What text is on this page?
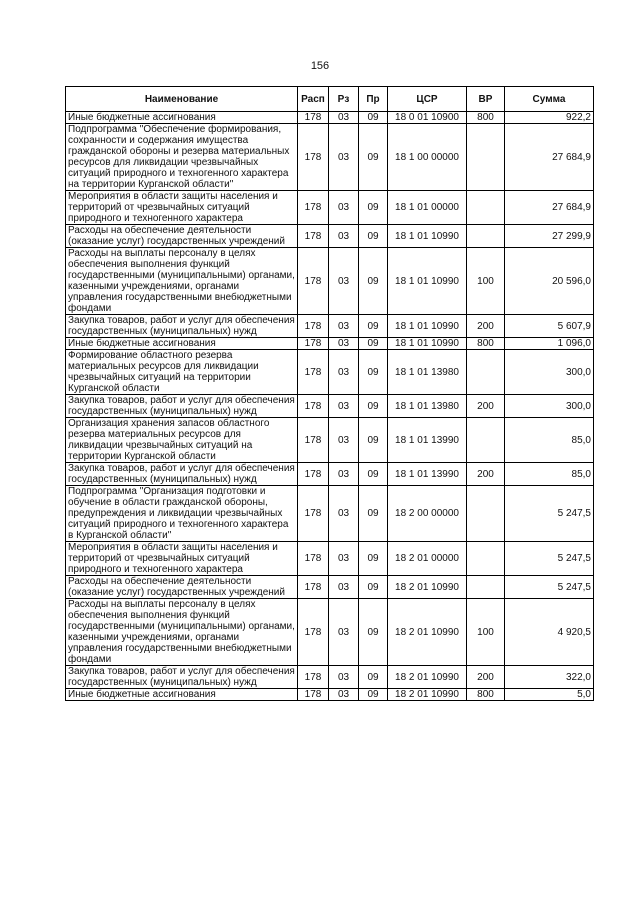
156
Наименование	Расп	Рз	Пр	ЦСР	ВР	Сумма
Иные бюджетные ассигнования	178	03	09	18 0 01 10900	800	922,2
Подпрограмма "Обеспечение формирования, сохранности и содержания имущества гражданской обороны и резерва материальных ресурсов для ликвидации чрезвычайных ситуаций природного и техногенного характера на территории Курганской области"	178	03	09	18 1 00 00000		27 684,9
Мероприятия в области защиты населения и территорий от чрезвычайных ситуаций природного и техногенного характера	178	03	09	18 1 01 00000		27 684,9
Расходы на обеспечение деятельности (оказание услуг) государственных учреждений	178	03	09	18 1 01 10990		27 299,9
Расходы на выплаты персоналу в целях обеспечения выполнения функций государственными (муниципальными) органами, казенными учреждениями, органами управления государственными внебюджетными фондами	178	03	09	18 1 01 10990	100	20 596,0
Закупка товаров, работ и услуг для обеспечения государственных (муниципальных) нужд	178	03	09	18 1 01 10990	200	5 607,9
Иные бюджетные ассигнования	178	03	09	18 1 01 10990	800	1 096,0
Формирование областного резерва материальных ресурсов для ликвидации чрезвычайных ситуаций на территории Курганской области	178	03	09	18 1 01 13980		300,0
Закупка товаров, работ и услуг для обеспечения государственных (муниципальных) нужд	178	03	09	18 1 01 13980	200	300,0
Организация хранения запасов областного резерва материальных ресурсов для ликвидации чрезвычайных ситуаций на территории Курганской области	178	03	09	18 1 01 13990		85,0
Закупка товаров, работ и услуг для обеспечения государственных (муниципальных) нужд	178	03	09	18 1 01 13990	200	85,0
Подпрограмма "Организация подготовки и обучение в области гражданской обороны, предупреждения и ликвидации чрезвычайных ситуаций природного и техногенного характера в Курганской области"	178	03	09	18 2 00 00000		5 247,5
Мероприятия в области защиты населения и территорий от чрезвычайных ситуаций природного и техногенного характера	178	03	09	18 2 01 00000		5 247,5
Расходы на обеспечение деятельности (оказание услуг) государственных учреждений	178	03	09	18 2 01 10990		5 247,5
Расходы на выплаты персоналу в целях обеспечения выполнения функций государственными (муниципальными) органами, казенными учреждениями, органами управления государственными внебюджетными фондами	178	03	09	18 2 01 10990	100	4 920,5
Закупка товаров, работ и услуг для обеспечения государственных (муниципальных) нужд	178	03	09	18 2 01 10990	200	322,0
Иные бюджетные ассигнования	178	03	09	18 2 01 10990	800	5,0
